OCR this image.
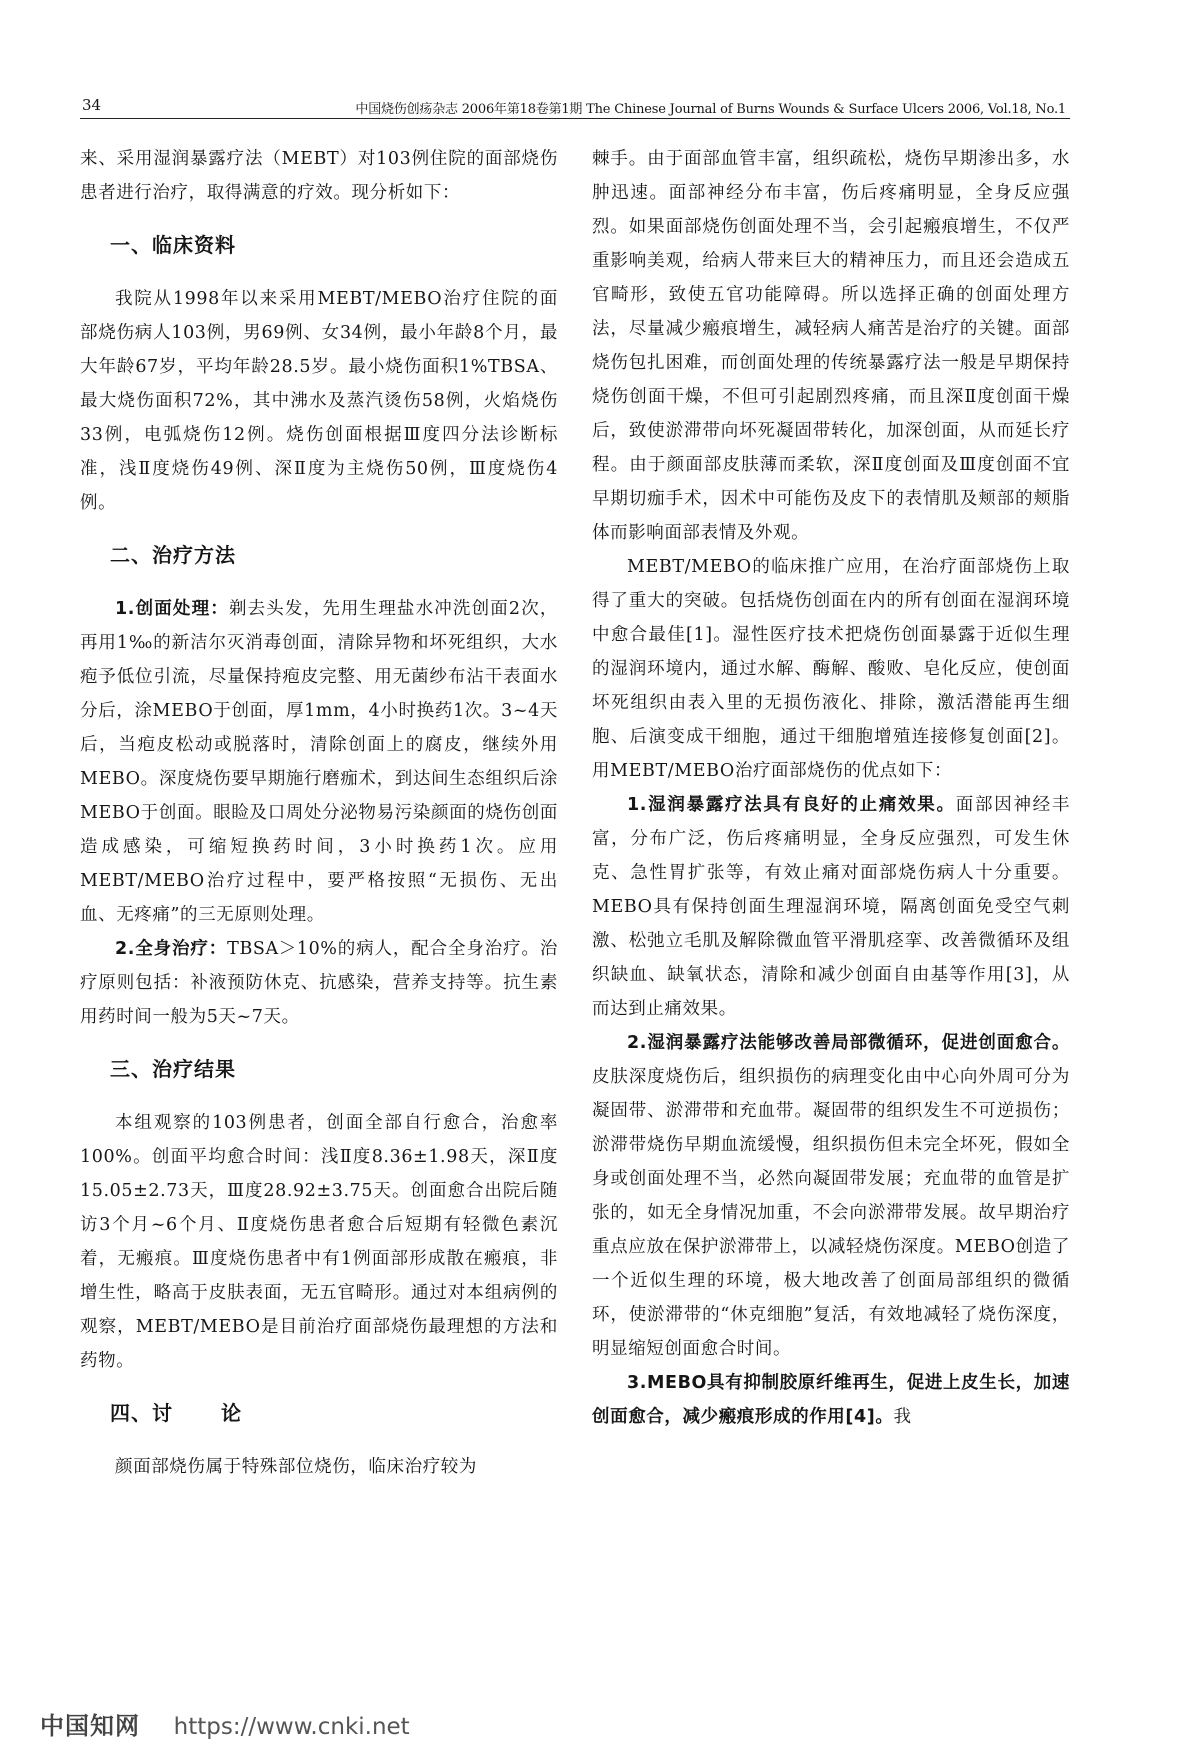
34	中国烧伤创疡杂志 2006年第18卷第1期 The Chinese Journal of Burns Wounds & Surface Ulcers 2006, Vol.18, No.1

来、采用湿润暴露疗法（MEBT）对103例住院的面部烧伤患者进行治疗，取得满意的疗效。现分析如下：

一、临床资料

我院从1998年以来采用MEBT/MEBO治疗住院的面部烧伤病人103例，男69例、女34例，最小年龄8个月，最大年龄67岁，平均年龄28.5岁。最小烧伤面积1%TBSA、最大烧伤面积72%，其中沸水及蒸汽烫伤58例，火焰烧伤33例，电弧烧伤12例。烧伤创面根据Ⅲ度四分法诊断标准，浅Ⅱ度烧伤49例、深Ⅱ度为主烧伤50例，Ⅲ度烧伤4例。

二、治疗方法

1.创面处理：剃去头发，先用生理盐水冲洗创面2次，再用1‰的新洁尔灭消毒创面，清除异物和坏死组织，大水疱予低位引流，尽量保持疱皮完整、用无菌纱布沾干表面水分后，涂MEBO于创面，厚1mm，4小时换药1次。3~4天后，当疱皮松动或脱落时，清除创面上的腐皮，继续外用MEBO。深度烧伤要早期施行磨痂术，到达间生态组织后涂MEBO于创面。眼睑及口周处分泌物易污染颜面的烧伤创面造成感染，可缩短换药时间，3小时换药1次。应用MEBT/MEBO治疗过程中，要严格按照“无损伤、无出血、无疼痛”的三无原则处理。

2.全身治疗：TBSA＞10%的病人，配合全身治疗。治疗原则包括：补液预防休克、抗感染，营养支持等。抗生素用药时间一般为5天~7天。

三、治疗结果

本组观察的103例患者，创面全部自行愈合，治愈率100%。创面平均愈合时间：浅Ⅱ度8.36±1.98天，深Ⅱ度15.05±2.73天，Ⅲ度28.92±3.75天。创面愈合出院后随访3个月~6个月、Ⅱ度烧伤患者愈合后短期有轻微色素沉着，无瘢痕。Ⅲ度烧伤患者中有1例面部形成散在瘢痕，非增生性，略高于皮肤表面，无五官畸形。通过对本组病例的观察，MEBT/MEBO是目前治疗面部烧伤最理想的方法和药物。

四、讨 论

颜面部烧伤属于特殊部位烧伤，临床治疗较为

棘手。由于面部血管丰富，组织疏松，烧伤早期渗出多，水肿迅速。面部神经分布丰富，伤后疼痛明显，全身反应强烈。如果面部烧伤创面处理不当，会引起瘢痕增生，不仅严重影响美观，给病人带来巨大的精神压力，而且还会造成五官畸形，致使五官功能障碍。所以选择正确的创面处理方法，尽量减少瘢痕增生，减轻病人痛苦是治疗的关键。面部烧伤包扎困难，而创面处理的传统暴露疗法一般是早期保持烧伤创面干燥，不但可引起剧烈疼痛，而且深Ⅱ度创面干燥后，致使淤滞带向坏死凝固带转化，加深创面，从而延长疗程。由于颜面部皮肤薄而柔软，深Ⅱ度创面及Ⅲ度创面不宜早期切痂手术，因术中可能伤及皮下的表情肌及颊部的颊脂体而影响面部表情及外观。

MEBT/MEBO的临床推广应用，在治疗面部烧伤上取得了重大的突破。包括烧伤创面在内的所有创面在湿润环境中愈合最佳[1]。湿性医疗技术把烧伤创面暴露于近似生理的湿润环境内，通过水解、酶解、酸败、皂化反应，使创面坏死组织由表入里的无损伤液化、排除，激活潜能再生细胞、后演变成干细胞，通过干细胞增殖连接修复创面[2]。用MEBT/MEBO治疗面部烧伤的优点如下：

1.湿润暴露疗法具有良好的止痛效果。面部因神经丰富，分布广泛，伤后疼痛明显，全身反应强烈，可发生休克、急性胃扩张等，有效止痛对面部烧伤病人十分重要。MEBO具有保持创面生理湿润环境，隔离创面免受空气刺激、松弛立毛肌及解除微血管平滑肌痉挛、改善微循环及组织缺血、缺氧状态，清除和减少创面自由基等作用[3]，从而达到止痛效果。

2.湿润暴露疗法能够改善局部微循环，促进创面愈合。皮肤深度烧伤后，组织损伤的病理变化由中心向外周可分为凝固带、淤滞带和充血带。凝固带的组织发生不可逆损伤；淤滞带烧伤早期血流缓慢，组织损伤但未完全坏死，假如全身或创面处理不当，必然向凝固带发展；充血带的血管是扩张的，如无全身情况加重，不会向淤滞带发展。故早期治疗重点应放在保护淤滞带上，以减轻烧伤深度。MEBO创造了一个近似生理的环境，极大地改善了创面局部组织的微循环，使淤滞带的“休克细胞”复活，有效地减轻了烧伤深度，明显缩短创面愈合时间。

3.MEBO具有抑制胶原纤维再生，促进上皮生长，加速创面愈合，减少瘢痕形成的作用[4]。我

中国知网 https://www.cnki.net
